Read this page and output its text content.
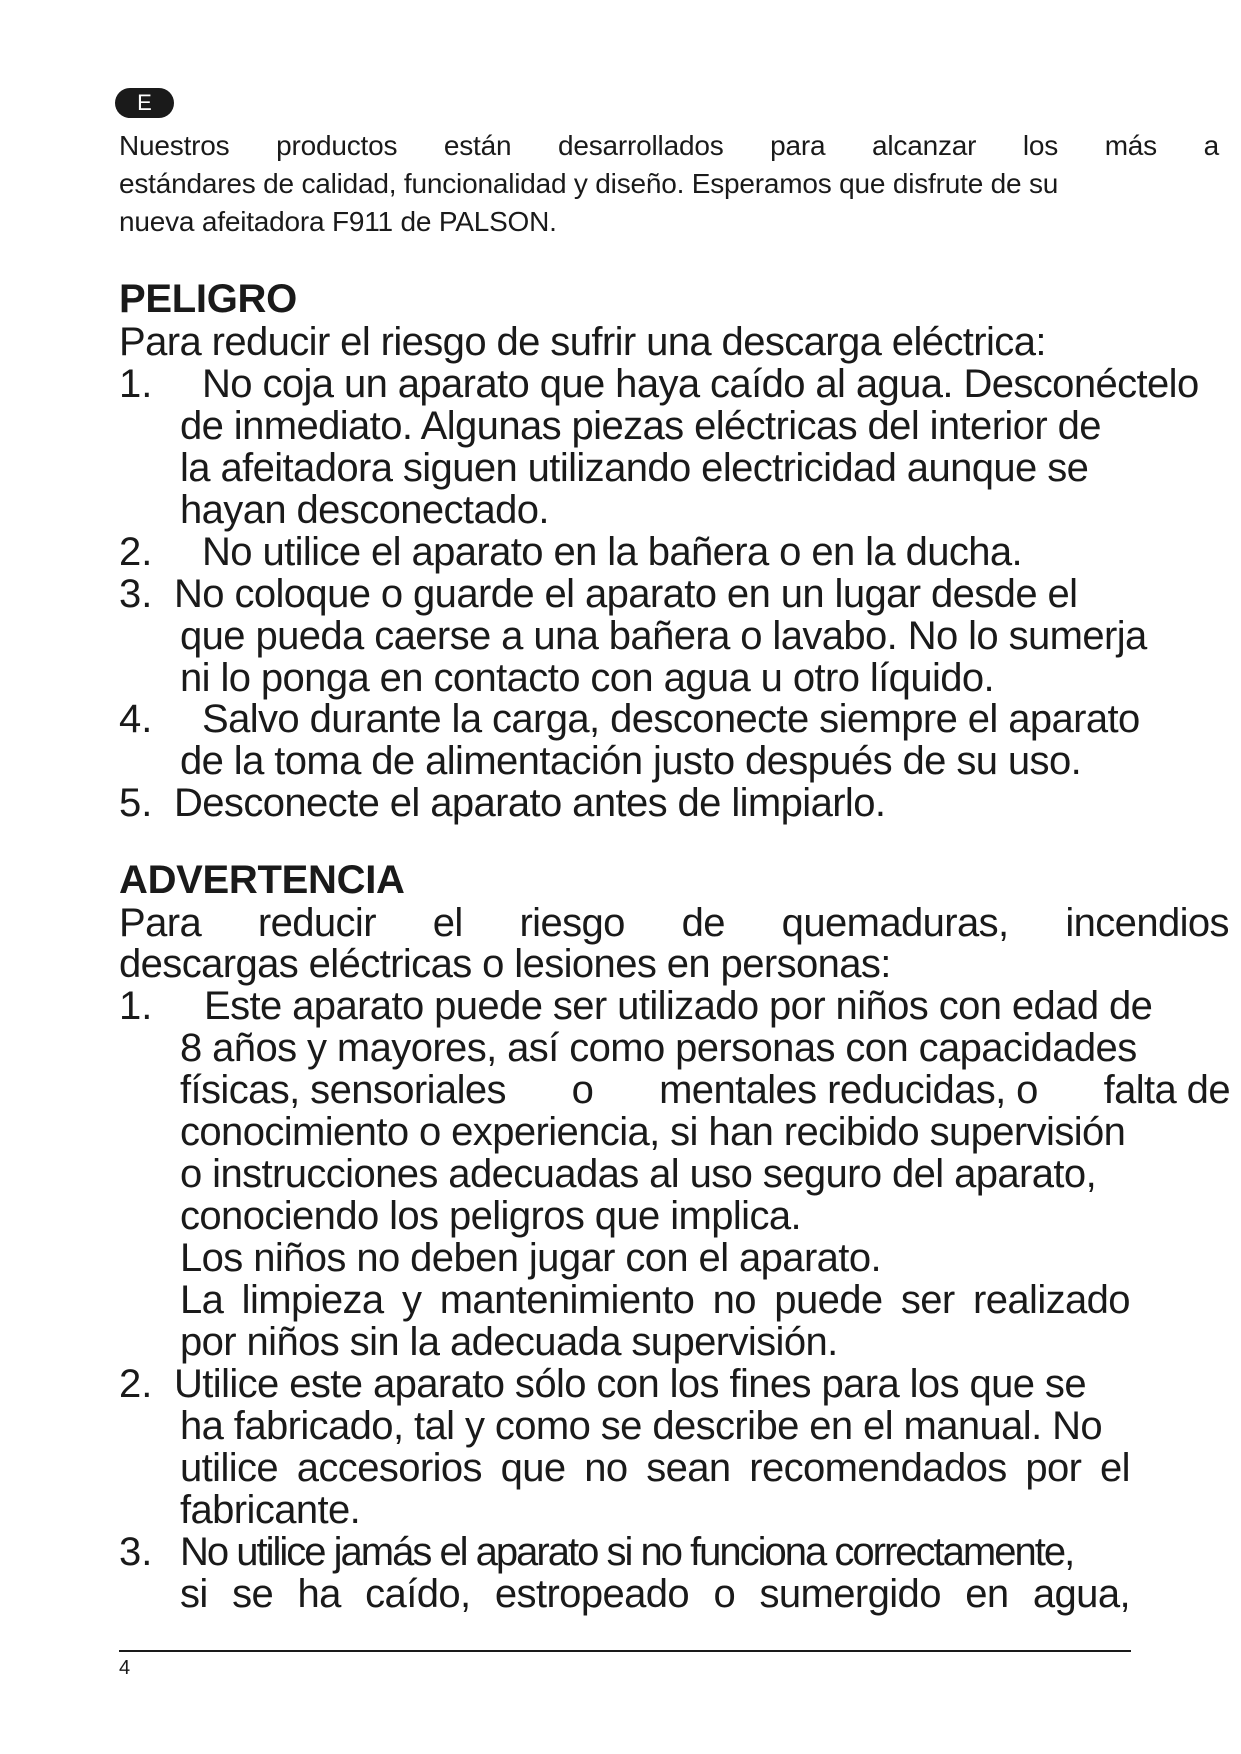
E
Nuestros productos están desarrollados para alcanzar los más a
estándares de calidad, funcionalidad y diseño. Esperamos que disfrute de su
nueva afeitadora F911 de PALSON.
PELIGRO
Para reducir el riesgo de sufrir una descarga eléctrica:
1. No coja un aparato que haya caído al agua. Desconéctelo
de inmediato. Algunas piezas eléctricas del interior de
la afeitadora siguen utilizando electricidad aunque se
hayan desconectado.
2. No utilice el aparato en la bañera o en la ducha.
3. No coloque o guarde el aparato en un lugar desde el
que pueda caerse a una bañera o lavabo. No lo sumerja
ni lo ponga en contacto con agua u otro líquido.
4. Salvo durante la carga, desconecte siempre el aparato
de la toma de alimentación justo después de su uso.
5. Desconecte el aparato antes de limpiarlo.
ADVERTENCIA
Para reducir el riesgo de quemaduras, incendios
descargas eléctricas o lesiones en personas:
1. Este aparato puede ser utilizado por niños con edad de
8 años y mayores, así como personas con capacidades
físicas, sensoriales o mentales reducidas, o falta de
conocimiento o experiencia, si han recibido supervisión
o instrucciones adecuadas al uso seguro del aparato,
conociendo los peligros que implica.
Los niños no deben jugar con el aparato.
La limpieza y mantenimiento no puede ser realizado
por niños sin la adecuada supervisión.
2. Utilice este aparato sólo con los fines para los que se
ha fabricado, tal y como se describe en el manual. No
utilice accesorios que no sean recomendados por el
fabricante.
3. No utilice jamás el aparato si no funciona correctamente,
si se ha caído, estropeado o sumergido en agua,
4
